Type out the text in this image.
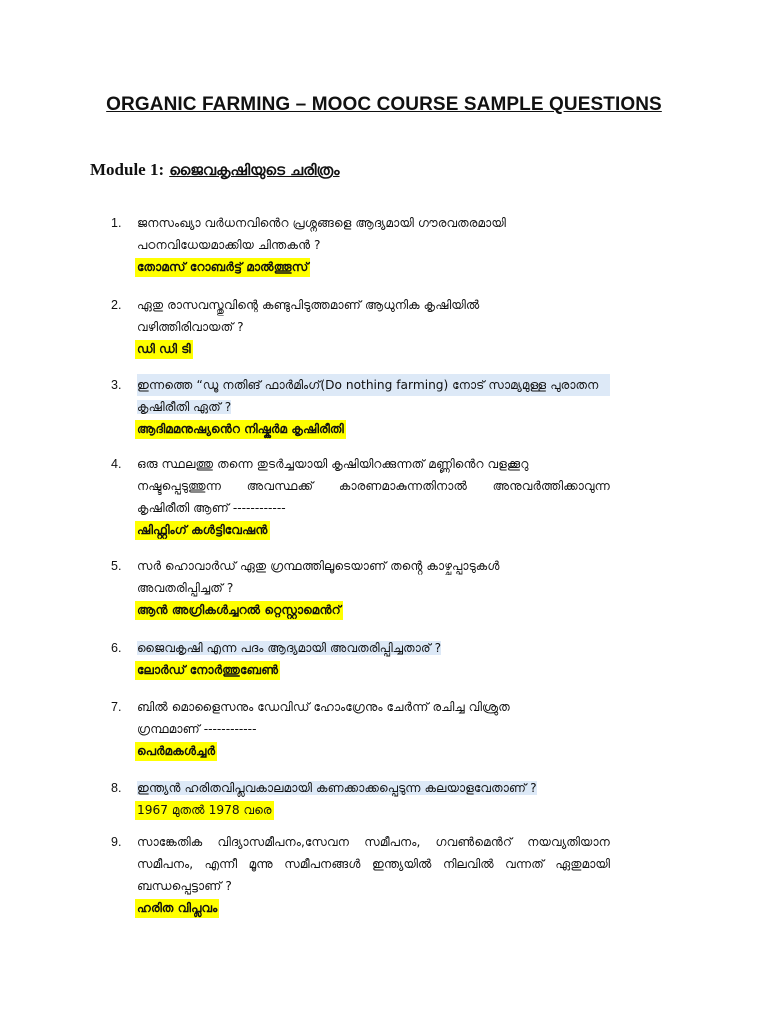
ORGANIC FARMING – MOOC COURSE SAMPLE QUESTIONS
Module 1: ജൈവകൃഷിയുടെ ചരിത്രം
1.	ജനസംഖ്യാ വർധനവിൻെറ പ്രശ്നങ്ങളെ ആദ്യമായി ഗൗരവതരമായി
പഠനവിധേയമാക്കിയ ചിന്തകൻ ?
തോമസ് റോബർട്ട് മാൽത്തൂസ്
2.	ഏതു രാസവസ്തുവിന്റെ കണ്ടുപിടുത്തമാണ് ആധുനിക കൃഷിയിൽ
വഴിത്തിരിവായത് ?
ഡി ഡി ടി
3.	ഇന്നത്തെ “ഡൂ നതിങ് ഫാർമിംഗ്(Do nothing farming) നോട് സാമ്യമുള്ള പുരാതന
കൃഷിരീതി ഏത് ?
ആദിമമനുഷ്യൻെറ നിഷ്കർമ കൃഷിരീതി
4.	ഒരു സ്ഥലത്തു തന്നെ തുടർച്ചയായി കൃഷിയിറക്കുന്നത് മണ്ണിൻെറ വളക്കൂറു
നഷ്ടപ്പെടുത്തുന്ന അവസ്ഥക്ക് കാരണമാകുന്നതിനാൽ അനുവർത്തിക്കാവുന്ന
കൃഷിരീതി ആണ് ------------
ഷിഫ്റ്റിംഗ് കൾട്ടിവേഷൻ
5.	സർ ഹൊവാർഡ് ഏതു ഗ്രന്ഥത്തിലൂടെയാണ് തൻ്റെ കാഴ്ചപ്പാടുകൾ
അവതരിപ്പിച്ചത് ?
ആൻ അഗ്രികൾച്ചറൽ റ്റെസ്റ്റാമെൻറ്
6.	ജൈവകൃഷി എന്ന പദം ആദ്യമായി അവതരിപ്പിച്ചതാര് ?
ലോർഡ് നോർത്തുബേൺ
7.	ബിൽ മൊളൈസനും ഡേവിഡ് ഹോംഗ്രേനും ചേർന്ന് രചിച്ച വിശ്രുത
ഗ്രന്ഥമാണ് ------------
പെർമകൾച്ചർ
8.	ഇന്ത്യൻ ഹരിതവിപ്ലവകാലമായി കണക്കാക്കപ്പെടുന്ന കലയാളവേതാണ് ?
1967 മുതൽ 1978 വരെ
9.	സാങ്കേതിക വിദ്യാസമീപനം,സേവന സമീപനം, ഗവൺമെൻറ് നയവ്യതിയാന
സമീപനം, എന്നീ മൂന്നു സമീപനങ്ങൾ ഇന്ത്യയിൽ നിലവിൽ വന്നത് ഏതുമായി
ബന്ധപ്പെട്ടാണ് ?
ഹരിത വിപ്ലവം
